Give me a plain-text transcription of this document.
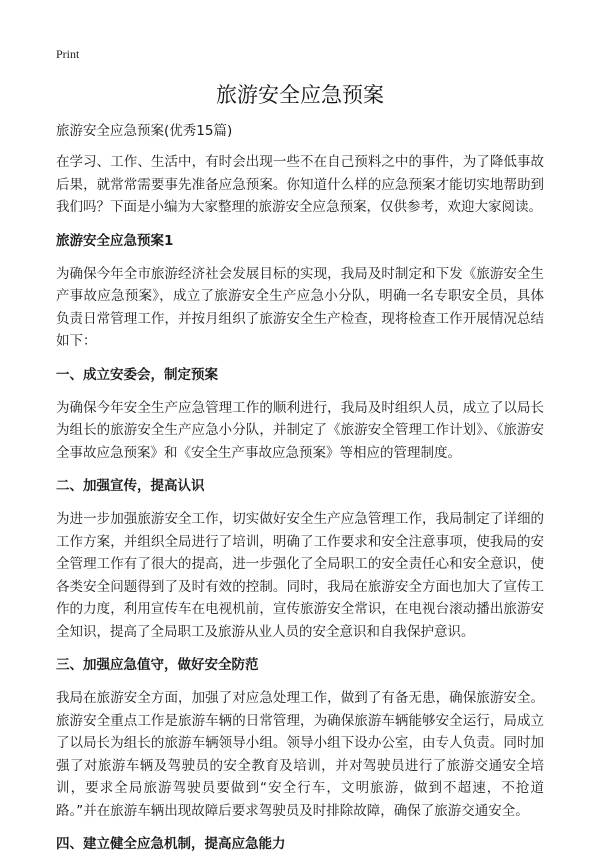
Print
旅游安全应急预案
旅游安全应急预案(优秀15篇)
在学习、工作、生活中，有时会出现一些不在自己预料之中的事件，为了降低事故后果，就常常需要事先准备应急预案。你知道什么样的应急预案才能切实地帮助到我们吗？下面是小编为大家整理的旅游安全应急预案，仅供参考，欢迎大家阅读。
旅游安全应急预案1
为确保今年全市旅游经济社会发展目标的实现，我局及时制定和下发《旅游安全生产事故应急预案》，成立了旅游安全生产应急小分队，明确一名专职安全员，具体负责日常管理工作，并按月组织了旅游安全生产检查，现将检查工作开展情况总结如下：
一、成立安委会，制定预案
为确保今年安全生产应急管理工作的顺利进行，我局及时组织人员，成立了以局长为组长的旅游安全生产应急小分队，并制定了《旅游安全管理工作计划》、《旅游安全事故应急预案》和《安全生产事故应急预案》等相应的管理制度。
二、加强宣传，提高认识
为进一步加强旅游安全工作，切实做好安全生产应急管理工作，我局制定了详细的工作方案，并组织全局进行了培训，明确了工作要求和安全注意事项，使我局的安全管理工作有了很大的提高，进一步强化了全局职工的安全责任心和安全意识，使各类安全问题得到了及时有效的控制。同时，我局在旅游安全方面也加大了宣传工作的力度，利用宣传车在电视机前，宣传旅游安全常识，在电视台滚动播出旅游安全知识，提高了全局职工及旅游从业人员的安全意识和自我保护意识。
三、加强应急值守，做好安全防范
我局在旅游安全方面，加强了对应急处理工作，做到了有备无患，确保旅游安全。旅游安全重点工作是旅游车辆的日常管理，为确保旅游车辆能够安全运行，局成立了以局长为组长的旅游车辆领导小组。领导小组下设办公室，由专人负责。同时加强了对旅游车辆及驾驶员的安全教育及培训，并对驾驶员进行了旅游交通安全培训，要求全局旅游驾驶员要做到“安全行车，文明旅游，做到不超速，不抢道路。”并在旅游车辆出现故障后要求驾驶员及时排除故障，确保了旅游交通安全。
四、建立健全应急机制，提高应急能力
